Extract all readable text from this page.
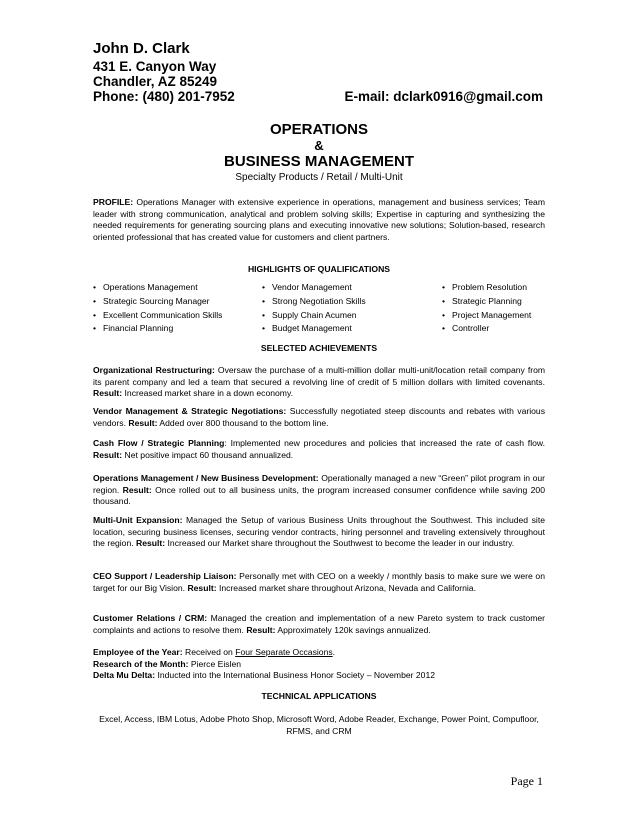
John D. Clark
431 E. Canyon Way
Chandler, AZ 85249
Phone: (480) 201-7952	E-mail: dclark0916@gmail.com
OPERATIONS
&
BUSINESS MANAGEMENT
Specialty Products / Retail / Multi-Unit
PROFILE: Operations Manager with extensive experience in operations, management and business services; Team leader with strong communication, analytical and problem solving skills; Expertise in capturing and synthesizing the needed requirements for generating sourcing plans and executing innovative new solutions; Solution-based, research oriented professional that has created value for customers and client partners.
HIGHLIGHTS OF QUALIFICATIONS
• Operations Management
• Strategic Sourcing Manager
• Excellent Communication Skills
• Financial Planning
• Vendor Management
• Strong Negotiation Skills
• Supply Chain Acumen
• Budget Management
• Problem Resolution
• Strategic Planning
• Project Management
• Controller
SELECTED ACHIEVEMENTS
Organizational Restructuring: Oversaw the purchase of a multi-million dollar multi-unit/location retail company from its parent company and led a team that secured a revolving line of credit of 5 million dollars with limited covenants. Result: Increased market share in a down economy.
Vendor Management & Strategic Negotiations: Successfully negotiated steep discounts and rebates with various vendors. Result: Added over 800 thousand to the bottom line.
Cash Flow / Strategic Planning: Implemented new procedures and policies that increased the rate of cash flow. Result: Net positive impact 60 thousand annualized.
Operations Management / New Business Development: Operationally managed a new “Green” pilot program in our region. Result: Once rolled out to all business units, the program increased consumer confidence while saving 200 thousand.
Multi-Unit Expansion: Managed the Setup of various Business Units throughout the Southwest. This included site location, securing business licenses, securing vendor contracts, hiring personnel and traveling extensively throughout the region. Result: Increased our Market share throughout the Southwest to become the leader in our industry.
CEO Support / Leadership Liaison: Personally met with CEO on a weekly / monthly basis to make sure we were on target for our Big Vision. Result: Increased market share throughout Arizona, Nevada and California.
Customer Relations / CRM: Managed the creation and implementation of a new Pareto system to track customer complaints and actions to resolve them. Result: Approximately 120k savings annualized.
Employee of the Year: Received on Four Separate Occasions.
Research of the Month: Pierce Eislen
Delta Mu Delta: Inducted into the International Business Honor Society – November 2012
TECHNICAL APPLICATIONS
Excel, Access, IBM Lotus, Adobe Photo Shop, Microsoft Word, Adobe Reader, Exchange, Power Point, Compufloor, RFMS, and CRM
Page 1
